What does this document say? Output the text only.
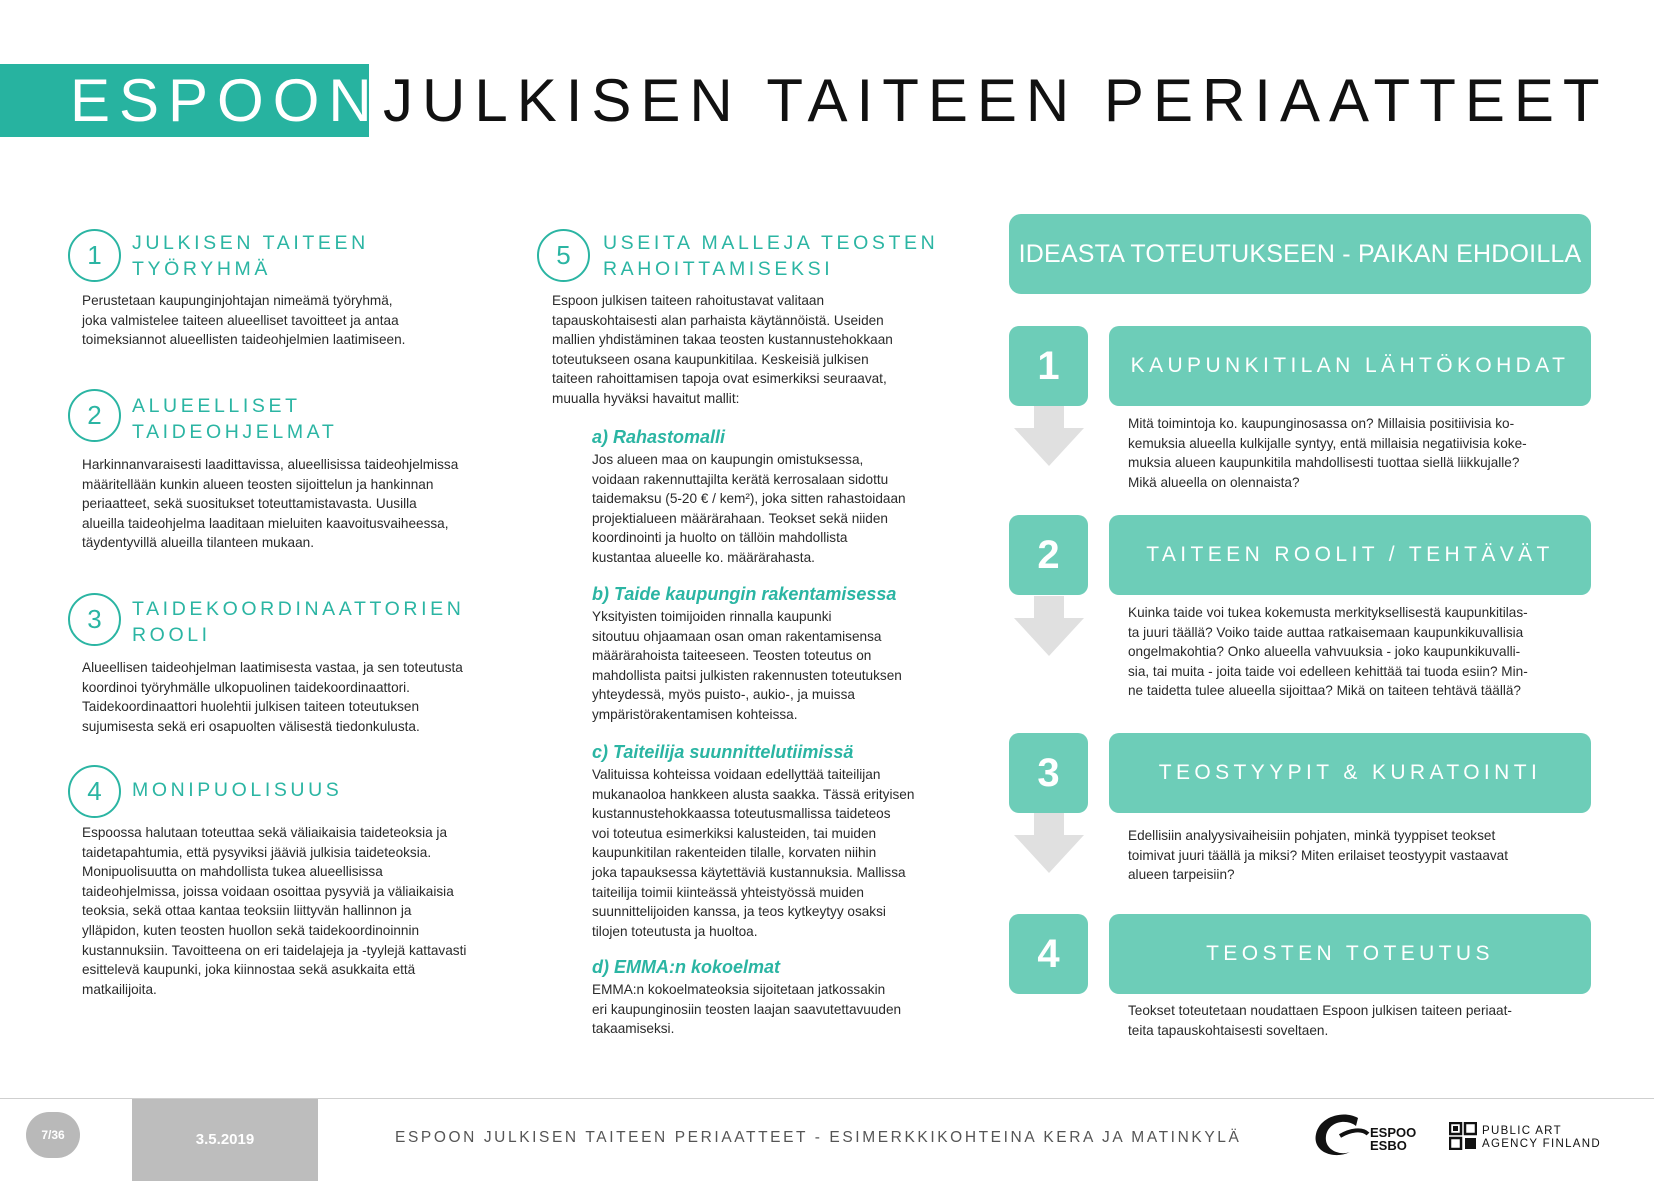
ESPOON JULKISEN TAITEEN PERIAATTEET
1	JULKISEN TAITEEN
TYÖRYHMÄ
Perustetaan kaupunginjohtajan nimeämä työryhmä,
joka valmistelee taiteen alueelliset tavoitteet ja antaa
toimeksiannot alueellisten taideohjelmien laatimiseen.
2	ALUEELLISET
TAIDEOHJELMAT
Harkinnanvaraisesti laadittavissa, alueellisissa taideohjelmissa
määritellään kunkin alueen teosten sijoittelun ja hankinnan
periaatteet, sekä suositukset toteuttamistavasta. Uusilla
alueilla taideohjelma laaditaan mieluiten kaavoitusvaiheessa,
täydentyvillä alueilla tilanteen mukaan.
3	TAIDEKOORDINAATTORIEN
ROOLI
Alueellisen taideohjelman laatimisesta vastaa, ja sen toteutusta
koordinoi työryhmälle ulkopuolinen taidekoordinaattori.
Taidekoordinaattori huolehtii julkisen taiteen toteutuksen
sujumisesta sekä eri osapuolten välisestä tiedonkulusta.
4	MONIPUOLISUUS
Espoossa halutaan toteuttaa sekä väliaikaisia taideteoksia ja
taidetapahtumia, että pysyviksi jääviä julkisia taideteoksia.
Monipuolisuutta on mahdollista tukea alueellisissa
taideohjelmissa, joissa voidaan osoittaa pysyviä ja väliaikaisia
teoksia, sekä ottaa kantaa teoksiin liittyvän hallinnon ja
ylläpidon, kuten teosten huollon sekä taidekoordinoinnin
kustannuksiin. Tavoitteena on eri taidelajeja ja -tyylejä kattavasti
esittelevä kaupunki, joka kiinnostaa sekä asukkaita että
matkailijoita.
5	USEITA MALLEJA TEOSTEN
RAHOITTAMISEKSI
Espoon julkisen taiteen rahoitustavat valitaan
tapauskohtaisesti alan parhaista käytännöistä. Useiden
mallien yhdistäminen takaa teosten kustannustehokkaan
toteutukseen osana kaupunkitilaa. Keskeisiä julkisen
taiteen rahoittamisen tapoja ovat esimerkiksi seuraavat,
muualla hyväksi havaitut mallit:
a) Rahastomalli
Jos alueen maa on kaupungin omistuksessa,
voidaan rakennuttajilta kerätä kerrosalaan sidottu
taidemaksu (5-20 € / kem²), joka sitten rahastoidaan
projektialueen määrärahaan. Teokset sekä niiden
koordinointi ja huolto on tällöin mahdollista
kustantaa alueelle ko. määrärahasta.
b) Taide kaupungin rakentamisessa
Yksityisten toimijoiden rinnalla kaupunki
sitoutuu ohjaamaan osan oman rakentamisensa
määrärahoista taiteeseen. Teosten toteutus on
mahdollista paitsi julkisten rakennusten toteutuksen
yhteydessä, myös puisto-, aukio-, ja muissa
ympäristörakentamisen kohteissa.
c) Taiteilija suunnittelutiimissä
Valituissa kohteissa voidaan edellyttää taiteilijan
mukanaoloa hankkeen alusta saakka. Tässä erityisen
kustannustehokkaassa toteutusmallissa taideteos
voi toteutua esimerkiksi kalusteiden, tai muiden
kaupunkitilan rakenteiden tilalle, korvaten niihin
joka tapauksessa käytettäviä kustannuksia. Mallissa
taiteilija toimii kiinteässä yhteistyössä muiden
suunnittelijoiden kanssa, ja teos kytkeytyy osaksi
tilojen toteutusta ja huoltoa.
d) EMMA:n kokoelmat
EMMA:n kokoelmateoksia sijoitetaan jatkossakin
eri kaupunginosiin teosten laajan saavutettavuuden
takaamiseksi.
IDEASTA TOTEUTUKSEEN - PAIKAN EHDOILLA
1	KAUPUNKITILAN LÄHTÖKOHDAT
Mitä toimintoja ko. kaupunginosassa on? Millaisia positiivisia ko-
kemuksia alueella kulkijalle syntyy, entä millaisia negatiivisia koke-
muksia alueen kaupunkitila mahdollisesti tuottaa siellä liikkujalle?
Mikä alueella on olennaista?
2	TAITEEN ROOLIT / TEHTÄVÄT
Kuinka taide voi tukea kokemusta merkityksellisestä kaupunkitilas-
ta juuri täällä? Voiko taide auttaa ratkaisemaan kaupunkikuvallisia
ongelmakohtia? Onko alueella vahvuuksia - joko kaupunkikuvalli-
sia, tai muita - joita taide voi edelleen kehittää tai tuoda esiin? Min-
ne taidetta tulee alueella sijoittaa? Mikä on taiteen tehtävä täällä?
3	TEOSTYYPIT & KURATOINTI
Edellisiin analyysivaiheisiin pohjaten, minkä tyyppiset teokset
toimivat juuri täällä ja miksi? Miten erilaiset teostyypit vastaavat
alueen tarpeisiin?
4	TEOSTEN TOTEUTUS
Teokset toteutetaan noudattaen Espoon julkisen taiteen periaat-
teita tapauskohtaisesti soveltaen.
7/36	3.5.2019	ESPOON JULKISEN TAITEEN PERIAATTEET - ESIMERKKIKOHTEINA KERA JA MATINKYLÄ	ESPOO
ESBO
PUBLIC ART
AGENCY FINLAND
